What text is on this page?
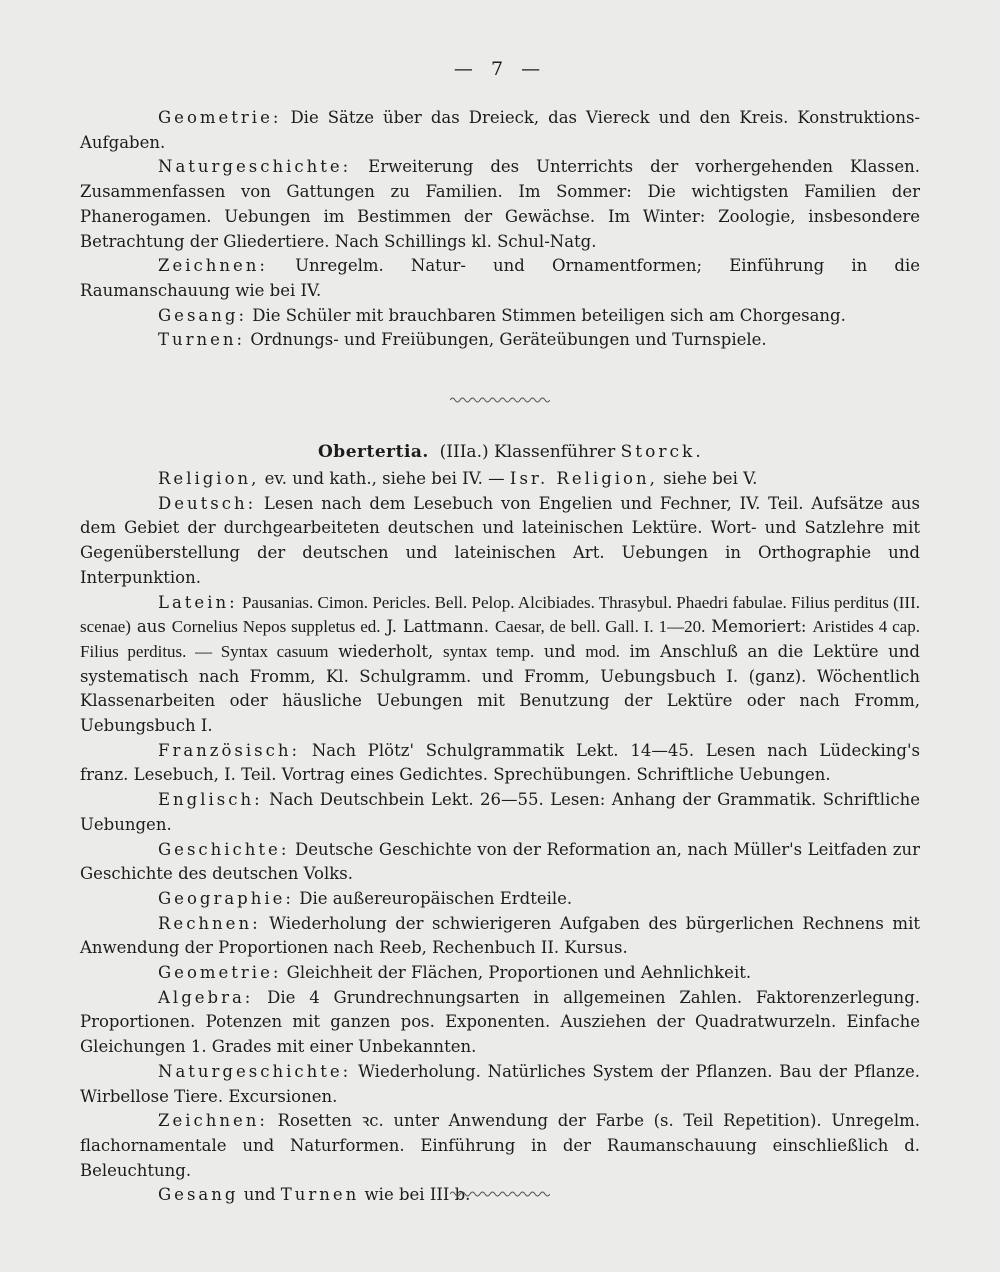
— 7 —

Geometrie: Die Sätze über das Dreieck, das Viereck und den Kreis. Konstruktions-Aufgaben.

Naturgeschichte: Erweiterung des Unterrichts der vorhergehenden Klassen. Zusammenfassen von Gattungen zu Familien. Im Sommer: Die wichtigsten Familien der Phanerogamen. Uebungen im Bestimmen der Gewächse. Im Winter: Zoologie, insbesondere Betrachtung der Gliedertiere. Nach Schillings kl. Schul-Natg.

Zeichnen: Unregelm. Natur- und Ornamentformen; Einführung in die Raumanschauung wie bei IV.

Gesang: Die Schüler mit brauchbaren Stimmen beteiligen sich am Chorgesang.

Turnen: Ordnungs- und Freiübungen, Geräteübungen und Turnspiele.

Obertertia. (IIIa.) Klassenführer Storck.

Religion, ev. und kath., siehe bei IV. — Isr. Religion, siehe bei V.

Deutsch: Lesen nach dem Lesebuch von Engelien und Fechner, IV. Teil. Aufsätze aus dem Gebiet der durchgearbeiteten deutschen und lateinischen Lektüre. Wort- und Satzlehre mit Gegenüberstellung der deutschen und lateinischen Art. Uebungen in Orthographie und Interpunktion.

Latein: Pausanias. Cimon. Pericles. Bell. Pelop. Alcibiades. Thrasybul. Phaedri fabulae. Filius perditus (III. scenae) aus Cornelius Nepos suppletus ed. J. Lattmann. Caesar, de bell. Gall. I. 1—20. Memoriert: Aristides 4 cap. Filius perditus. — Syntax casuum wiederholt, syntax temp. und mod. im Anschluß an die Lektüre und systematisch nach Fromm, Kl. Schulgramm. und Fromm, Uebungsbuch I. (ganz). Wöchentlich Klassenarbeiten oder häusliche Uebungen mit Benutzung der Lektüre oder nach Fromm, Uebungsbuch I.

Französisch: Nach Plötz' Schulgrammatik Lekt. 14—45. Lesen nach Lüdecking's franz. Lesebuch, I. Teil. Vortrag eines Gedichtes. Sprechübungen. Schriftliche Uebungen.

Englisch: Nach Deutschbein Lekt. 26—55. Lesen: Anhang der Grammatik. Schriftliche Uebungen.

Geschichte: Deutsche Geschichte von der Reformation an, nach Müller's Leitfaden zur Geschichte des deutschen Volks.

Geographie: Die außereuropäischen Erdteile.

Rechnen: Wiederholung der schwierigeren Aufgaben des bürgerlichen Rechnens mit Anwendung der Proportionen nach Reeb, Rechenbuch II. Kursus.

Geometrie: Gleichheit der Flächen, Proportionen und Aehnlichkeit.

Algebra: Die 4 Grundrechnungsarten in allgemeinen Zahlen. Faktorenzerlegung. Proportionen. Potenzen mit ganzen pos. Exponenten. Ausziehen der Quadratwurzeln. Einfache Gleichungen 1. Grades mit einer Unbekannten.

Naturgeschichte: Wiederholung. Natürliches System der Pflanzen. Bau der Pflanze. Wirbellose Tiere. Excursionen.

Zeichnen: Rosetten ꝛc. unter Anwendung der Farbe (s. Teil Repetition). Unregelm. flachornamentale und Naturformen. Einführung in der Raumanschauung einschließlich d. Beleuchtung.

Gesang und Turnen wie bei III b.
